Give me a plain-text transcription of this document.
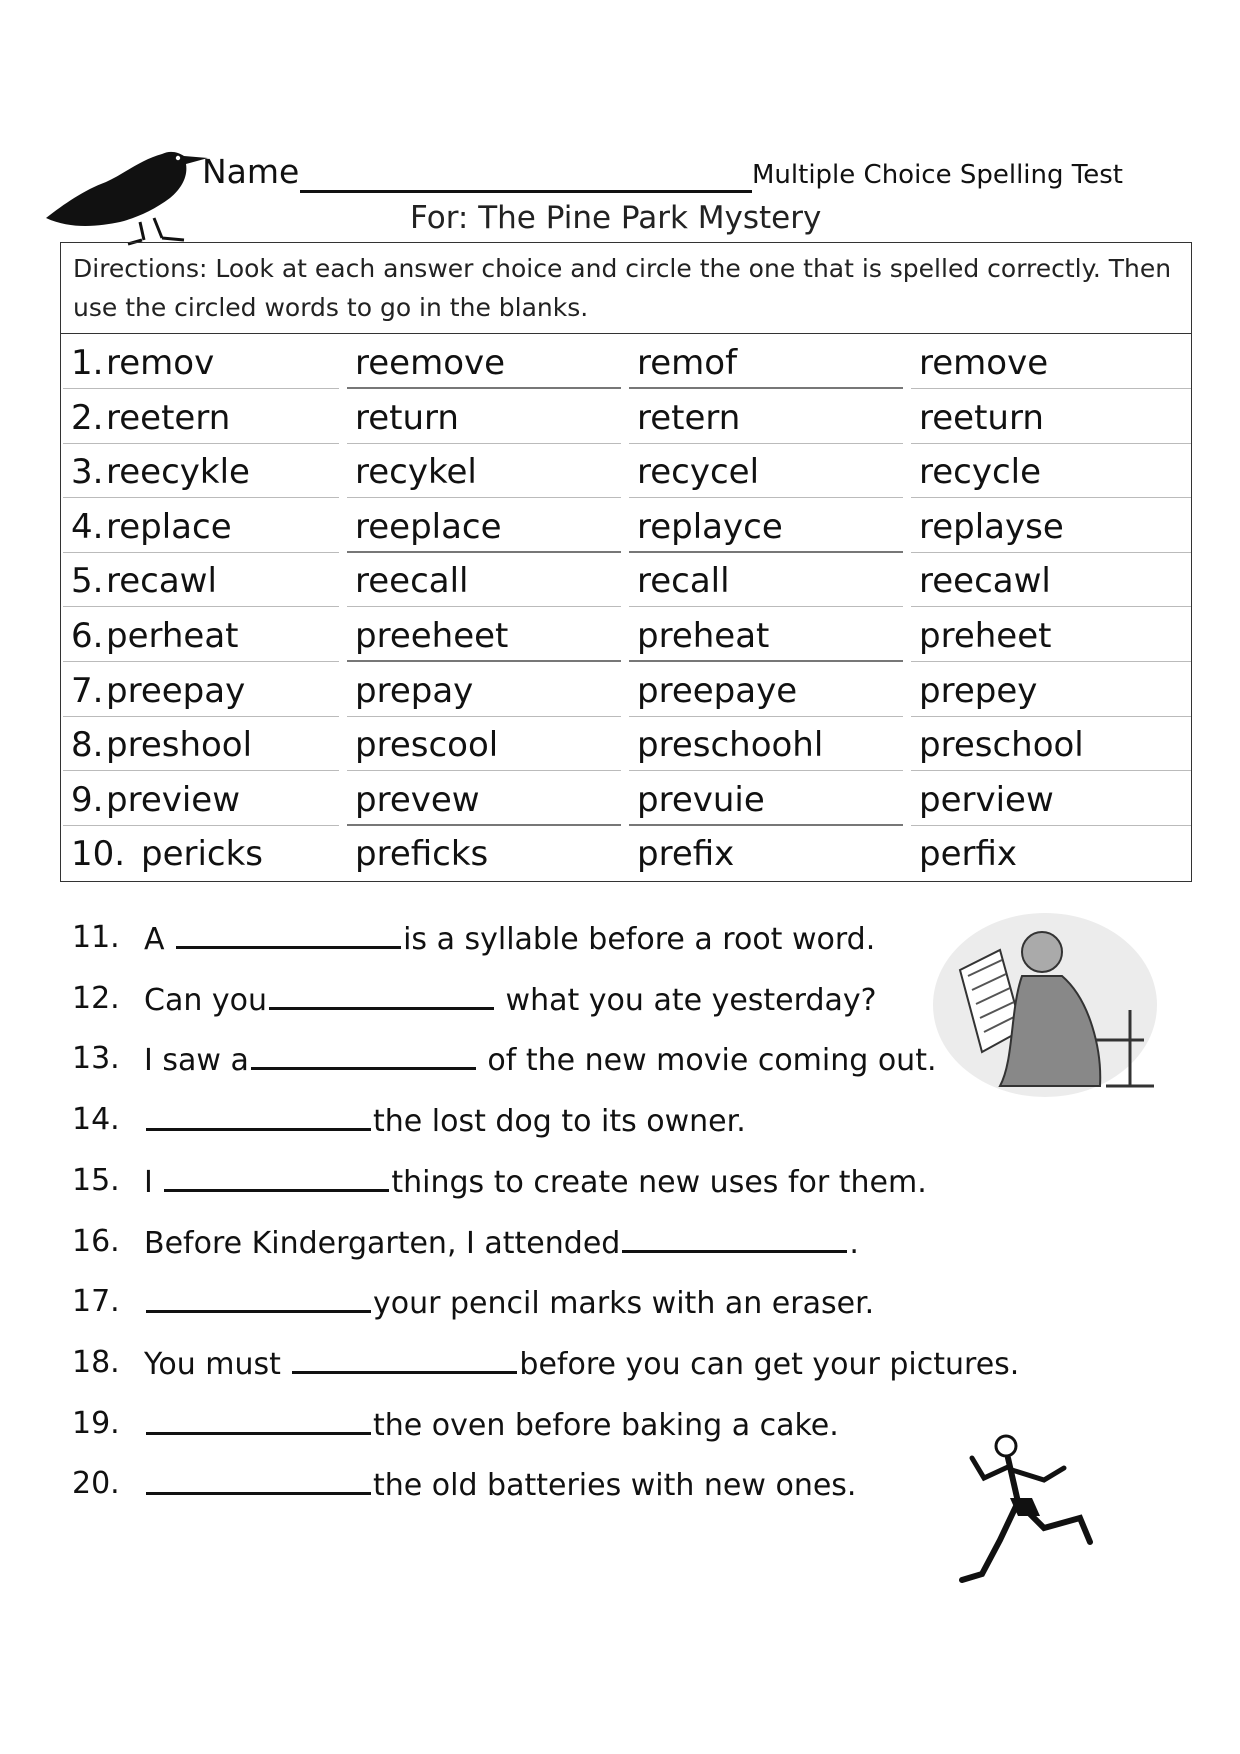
Name	Multiple Choice Spelling Test
For: The Pine Park Mystery
Directions: Look at each answer choice and circle the one that is spelled correctly. Then use the circled words to go in the blanks.
1.remov	reemove	remof	remove
2.reetern	return	retern	reeturn
3.reecykle	recykel	recycel	recycle
4.replace	reeplace	replayce	replayse
5.recawl	reecall	recall	reecawl
6.perheat	preeheet	preheat	preheet
7.preepay	prepay	preepaye	prepey
8.preshool	prescool	preschoohl	preschool
9.preview	prevew	prevuie	perview
10. pericks	preficks	prefix	perfix
11. A	is a syllable before a root word.
12. Can you	what you ate yesterday?
13. I saw a	of the new movie coming out.
14.	the lost dog to its owner.
15. I	things to create new uses for them.
16. Before Kindergarten, I attended	.
17.	your pencil marks with an eraser.
18. You must	before you can get your pictures.
19.	the oven before baking a cake.
20.	the old batteries with new ones.
